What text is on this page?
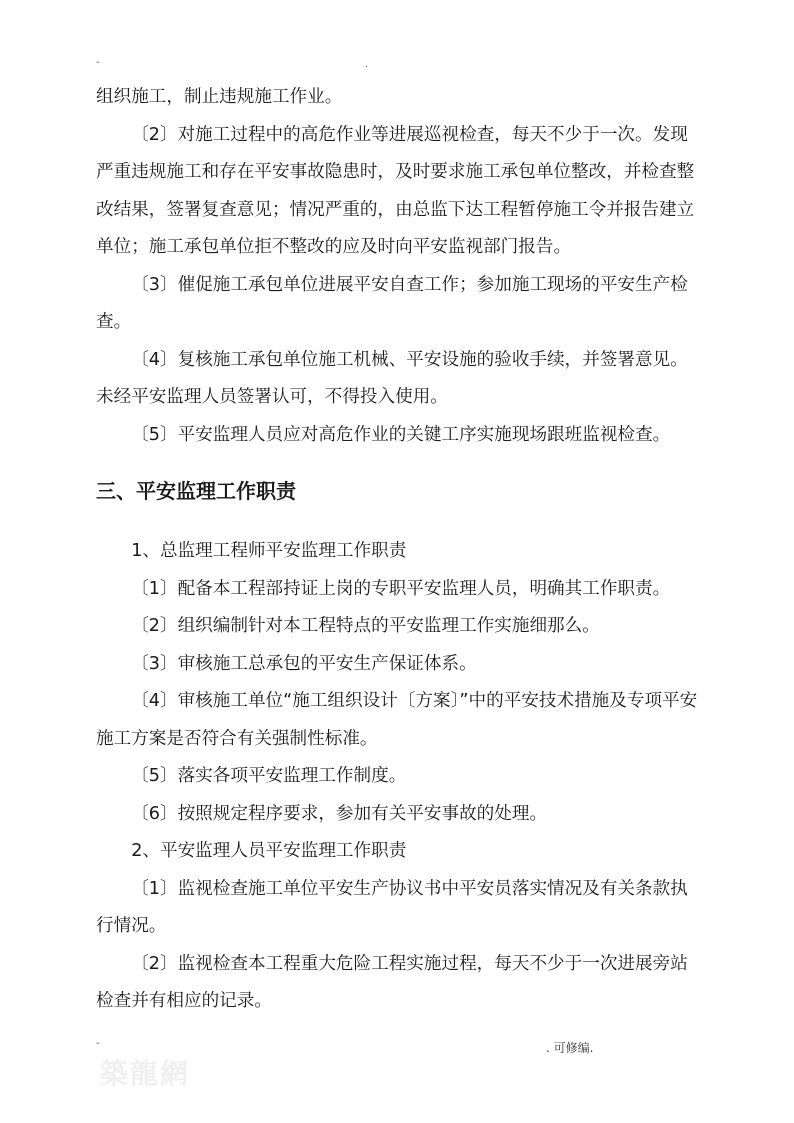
-	.

组织施工，制止违规施工作业。

〔2〕对施工过程中的高危作业等进展巡视检查，每天不少于一次。发现严重违规施工和存在平安事故隐患时，及时要求施工承包单位整改，并检查整改结果，签署复查意见；情况严重的，由总监下达工程暂停施工令并报告建立单位；施工承包单位拒不整改的应及时向平安监视部门报告。

〔3〕催促施工承包单位进展平安自查工作；参加施工现场的平安生产检查。

〔4〕复核施工承包单位施工机械、平安设施的验收手续，并签署意见。未经平安监理人员签署认可，不得投入使用。

〔5〕平安监理人员应对高危作业的关键工序实施现场跟班监视检查。

三、平安监理工作职责

1、总监理工程师平安监理工作职责

〔1〕配备本工程部持证上岗的专职平安监理人员，明确其工作职责。

〔2〕组织编制针对本工程特点的平安监理工作实施细那么。

〔3〕审核施工总承包的平安生产保证体系。

〔4〕审核施工单位“施工组织设计〔方案〕”中的平安技术措施及专项平安施工方案是否符合有关强制性标准。

〔5〕落实各项平安监理工作制度。

〔6〕按照规定程序要求，参加有关平安事故的处理。

2、平安监理人员平安监理工作职责

〔1〕监视检查施工单位平安生产协议书中平安员落实情况及有关条款执行情况。

〔2〕监视检查本工程重大危险工程实施过程，每天不少于一次进展旁站检查并有相应的记录。

-	. 可修编.
築龍網
